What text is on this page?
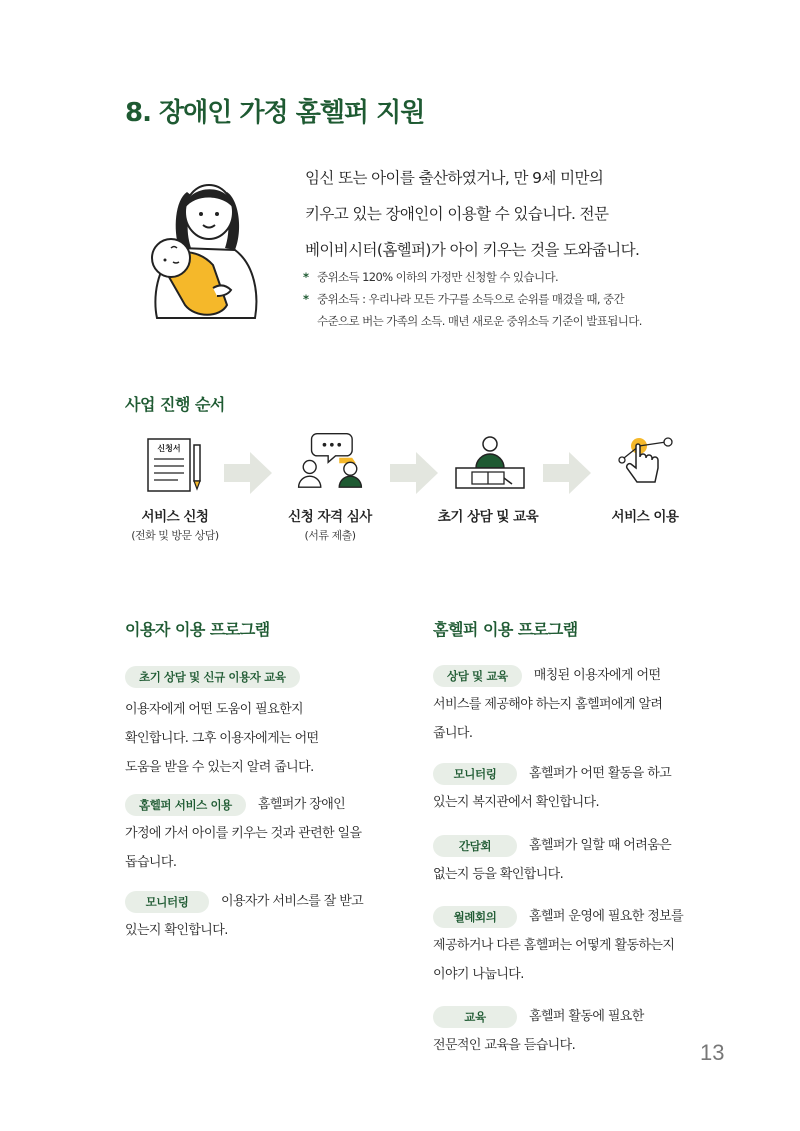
8. 장애인 가정 홈헬퍼 지원
임신 또는 아이를 출산하였거나, 만 9세 미만의
키우고 있는 장애인이 이용할 수 있습니다. 전문
베이비시터(홈헬퍼)가 아이 키우는 것을 도와줍니다.
* 중위소득 120% 이하의 가정만 신청할 수 있습니다.
* 중위소득 : 우리나라 모든 가구를 소득으로 순위를 매겼을 때, 중간
수준으로 버는 가족의 소득. 매년 새로운 중위소득 기준이 발표됩니다.
사업 진행 순서
신청서
서비스 신청
(전화 및 방문 상담)
신청 자격 심사
(서류 제출)
초기 상담 및 교육	서비스 이용
이용자 이용 프로그램
초기 상담 및 신규 이용자 교육
이용자에게 어떤 도움이 필요한지
확인합니다. 그후 이용자에게는 어떤
도움을 받을 수 있는지 알려 줍니다.
홈헬퍼 서비스 이용 홈헬퍼가 장애인
가정에 가서 아이를 키우는 것과 관련한 일을
돕습니다.
모니터링	이용자가 서비스를 잘 받고
있는지 확인합니다.
홈헬퍼 이용 프로그램
상담 및 교육 매칭된 이용자에게 어떤
서비스를 제공해야 하는지 홈헬퍼에게 알려
줍니다.
모니터링	홈헬퍼가 어떤 활동을 하고
있는지 복지관에서 확인합니다.
간담회	홈헬퍼가 일할 때 어려움은
없는지 등을 확인합니다.
월례회의	홈헬퍼 운영에 필요한 정보를
제공하거나 다른 홈헬퍼는 어떻게 활동하는지
이야기 나눕니다.
교육	홈헬퍼 활동에 필요한
전문적인 교육을 듣습니다.	13
